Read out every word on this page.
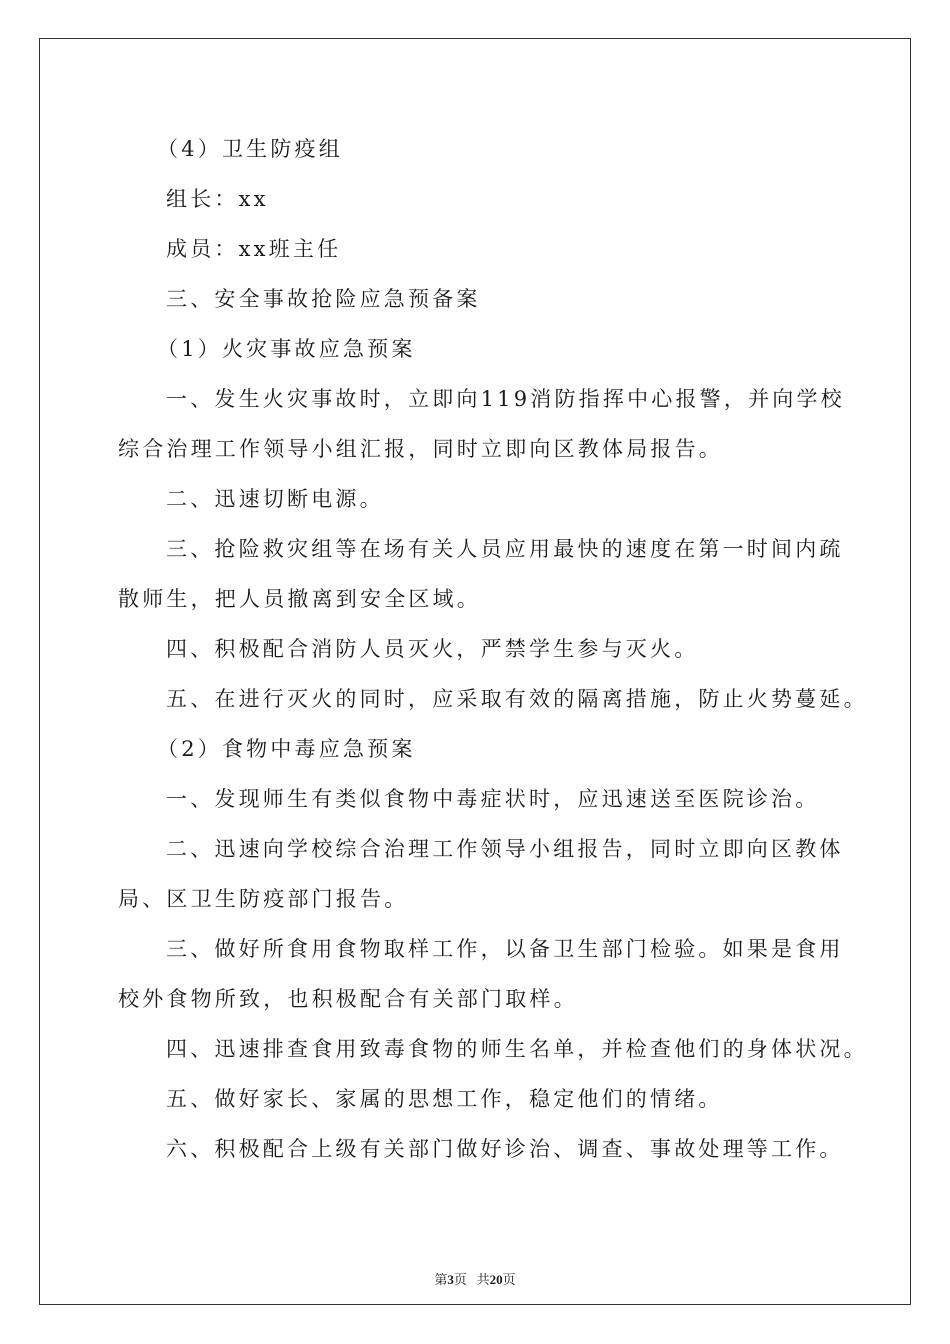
（4）卫生防疫组
组长：xx
成员：xx班主任
三、安全事故抢险应急预备案
（1）火灾事故应急预案
一、发生火灾事故时，立即向119消防指挥中心报警，并向学校
综合治理工作领导小组汇报，同时立即向区教体局报告。
二、迅速切断电源。
三、抢险救灾组等在场有关人员应用最快的速度在第一时间内疏
散师生，把人员撤离到安全区域。
四、积极配合消防人员灭火，严禁学生参与灭火。
五、在进行灭火的同时，应采取有效的隔离措施，防止火势蔓延。
（2）食物中毒应急预案
一、发现师生有类似食物中毒症状时，应迅速送至医院诊治。
二、迅速向学校综合治理工作领导小组报告，同时立即向区教体
局、区卫生防疫部门报告。
三、做好所食用食物取样工作，以备卫生部门检验。如果是食用
校外食物所致，也积极配合有关部门取样。
四、迅速排查食用致毒食物的师生名单，并检查他们的身体状况。
五、做好家长、家属的思想工作，稳定他们的情绪。
六、积极配合上级有关部门做好诊治、调查、事故处理等工作。
第3页 共20页
